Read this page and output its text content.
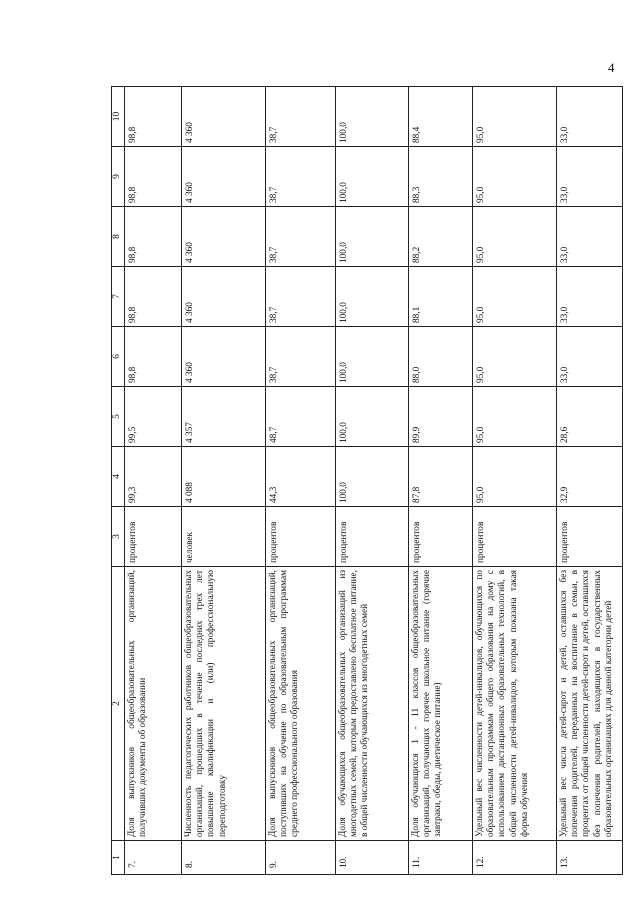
4
1	2	3	4	5	6	7	8	9	10
7.	Доля выпускников общеобразовательных организаций, получивших документы об образовании	процентов	99,3	99,5	98,8	98,8	98,8	98,8	98,8
8.	Численность педагогических работников общеобразовательных организаций, прошедших в течение последних трех лет повышение квалификации и (или) профессиональную переподготовку	человек	4 088	4 357	4 360	4 360	4 360	4 360	4 360
9.	Доля выпускников общеобразовательных организаций, поступивших на обучение по образовательным программам среднего профессионального образования	процентов	44,3	48,7	38,7	38,7	38,7	38,7	38,7
10.	Доля обучающихся общеобразовательных организаций из многодетных семей, которым предоставлено бесплатное питание, в общей численности обучающихся из многодетных семей	процентов	100,0	100,0	100,0	100,0	100,0	100,0	100,0
11.	Доля обучающихся 1 - 11 классов общеобразовательных организаций, получающих горячее школьное питание (горячие завтраки, обеды, диетическое питание)	процентов	87,8	89,9	88,0	88,1	88,2	88,3	88,4
12.	Удельный вес численности детей-инвалидов, обучающихся по образовательным программам общего образования на дому с использованием дистанционных образовательных технологий, в общей численности детей-инвалидов, которым показана такая форма обучения	процентов	95,0	95,0	95,0	95,0	95,0	95,0	95,0
13.	Удельный вес числа детей-сирот и детей, оставшихся без попечения родителей, переданных на воспитание в семьи, в процентах от общей численности детей-сирот и детей, оставшихся без попечения родителей, находящихся в государственных образовательных организациях для данной категории детей	процентов	32,9	28,6	33,0	33,0	33,0	33,0	33,0
